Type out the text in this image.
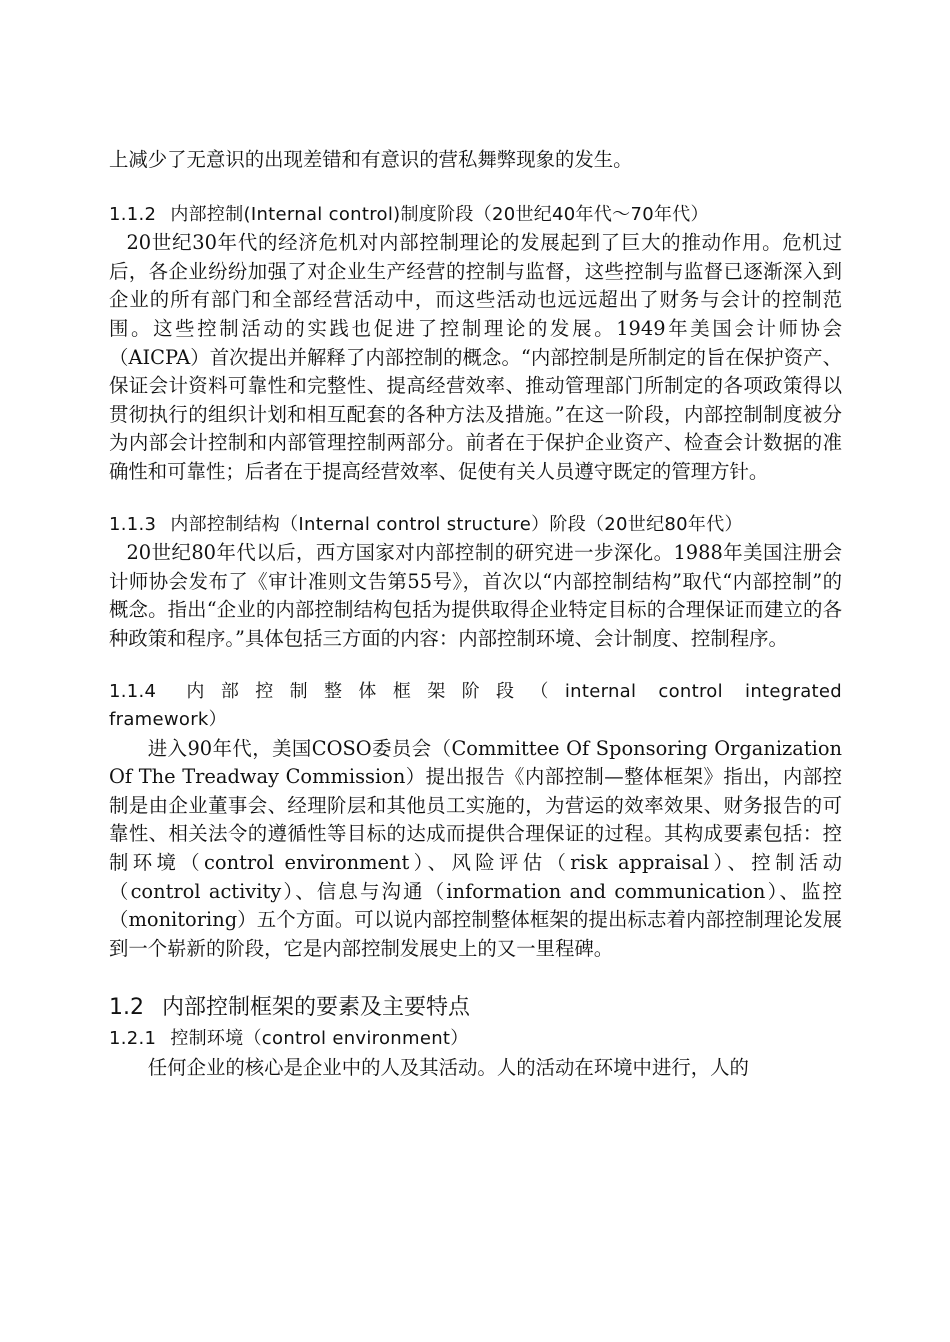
上减少了无意识的出现差错和有意识的营私舞弊现象的发生。

1.1.2 内部控制(Internal control)制度阶段（20世纪40年代～70年代）

20世纪30年代的经济危机对内部控制理论的发展起到了巨大的推动作用。危机过后，各企业纷纷加强了对企业生产经营的控制与监督，这些控制与监督已逐渐深入到企业的所有部门和全部经营活动中，而这些活动也远远超出了财务与会计的控制范围。这些控制活动的实践也促进了控制理论的发展。1949年美国会计师协会（AICPA）首次提出并解释了内部控制的概念。“内部控制是所制定的旨在保护资产、保证会计资料可靠性和完整性、提高经营效率、推动管理部门所制定的各项政策得以贯彻执行的组织计划和相互配套的各种方法及措施。”在这一阶段，内部控制制度被分为内部会计控制和内部管理控制两部分。前者在于保护企业资产、检查会计数据的准确性和可靠性；后者在于提高经营效率、促使有关人员遵守既定的管理方针。

1.1.3 内部控制结构（Internal control structure）阶段（20世纪80年代）

20世纪80年代以后，西方国家对内部控制的研究进一步深化。1988年美国注册会计师协会发布了《审计准则文告第55号》，首次以“内部控制结构”取代“内部控制”的概念。指出“企业的内部控制结构包括为提供取得企业特定目标的合理保证而建立的各种政策和程序。”具体包括三方面的内容：内部控制环境、会计制度、控制程序。

1.1.4 内部控制整体框架阶段（internal control integrated
framework）

进入90年代，美国COSO委员会（Committee Of Sponsoring Organization Of The Treadway Commission）提出报告《内部控制—整体框架》指出，内部控制是由企业董事会、经理阶层和其他员工实施的，为营运的效率效果、财务报告的可靠性、相关法令的遵循性等目标的达成而提供合理保证的过程。其构成要素包括：控制环境（control environment）、风险评估（risk appraisal）、控制活动（control activity）、信息与沟通（information and communication）、监控（monitoring）五个方面。可以说内部控制整体框架的提出标志着内部控制理论发展到一个崭新的阶段，它是内部控制发展史上的又一里程碑。

1.2 内部控制框架的要素及主要特点
1.2.1 控制环境（control environment）

任何企业的核心是企业中的人及其活动。人的活动在环境中进行，人的
